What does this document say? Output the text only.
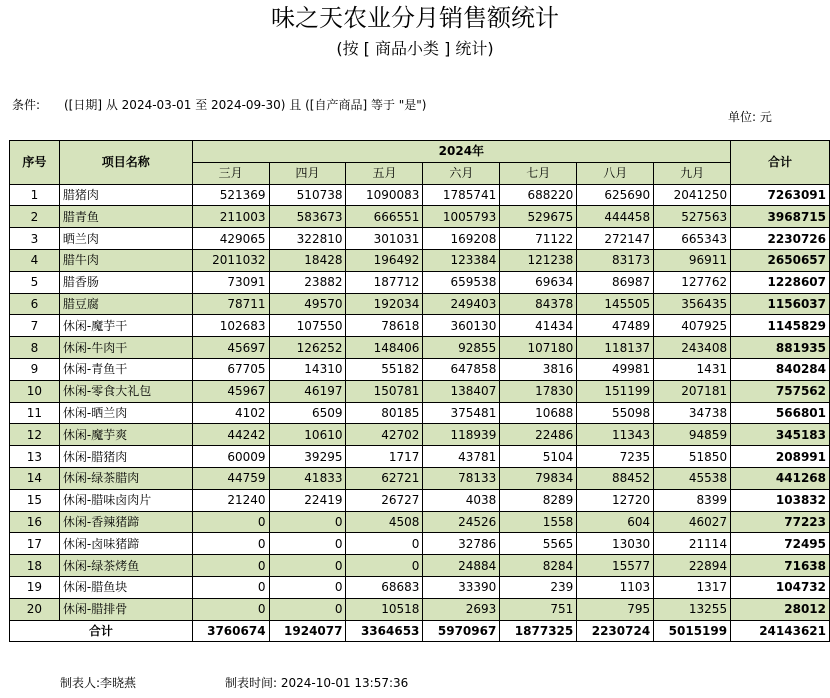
味之天农业分月销售额统计
(按 [ 商品小类 ] 统计)
条件: ([日期] 从 2024-03-01 至 2024-09-30) 且 ([自产商品] 等于 "是")
单位: 元
序号	项目名称	2024年							合计
		三月	四月	五月	六月	七月	八月	九月	
1	腊猪肉	521369	510738	1090083	1785741	688220	625690	2041250	7263091
2	腊青鱼	211003	583673	666551	1005793	529675	444458	527563	3968715
3	晒兰肉	429065	322810	301031	169208	71122	272147	665343	2230726
4	腊牛肉	2011032	18428	196492	123384	121238	83173	96911	2650657
5	腊香肠	73091	23882	187712	659538	69634	86987	127762	1228607
6	腊豆腐	78711	49570	192034	249403	84378	145505	356435	1156037
7	休闲-魔芋干	102683	107550	78618	360130	41434	47489	407925	1145829
8	休闲-牛肉干	45697	126252	148406	92855	107180	118137	243408	881935
9	休闲-青鱼干	67705	14310	55182	647858	3816	49981	1431	840284
10	休闲-零食大礼包	45967	46197	150781	138407	17830	151199	207181	757562
11	休闲-晒兰肉	4102	6509	80185	375481	10688	55098	34738	566801
12	休闲-魔芋爽	44242	10610	42702	118939	22486	11343	94859	345183
13	休闲-腊猪肉	60009	39295	1717	43781	5104	7235	51850	208991
14	休闲-绿茶腊肉	44759	41833	62721	78133	79834	88452	45538	441268
15	休闲-腊味卤肉片	21240	22419	26727	4038	8289	12720	8399	103832
16	休闲-香辣猪蹄	0	0	4508	24526	1558	604	46027	77223
17	休闲-卤味猪蹄	0	0	0	32786	5565	13030	21114	72495
18	休闲-绿茶烤鱼	0	0	0	24884	8284	15577	22894	71638
19	休闲-腊鱼块	0	0	68683	33390	239	1103	1317	104732
20	休闲-腊排骨	0	0	10518	2693	751	795	13255	28012
合计		3760674	1924077	3364653	5970967	1877325	2230724	5015199	24143621
制表人:李晓燕	制表时间: 2024-10-01 13:57:36
